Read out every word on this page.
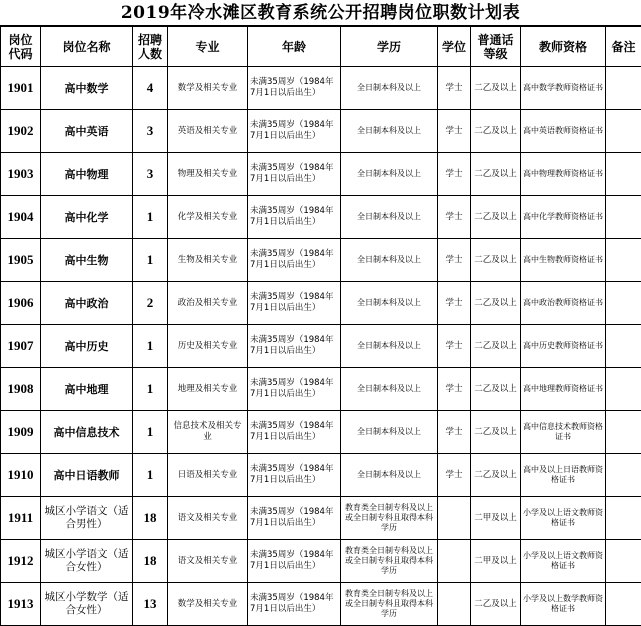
2019年冷水滩区教育系统公开招聘岗位职数计划表
岗位代码	岗位名称	招聘人数	专业	年龄	学历	学位	普通话等级	教师资格	备注
1901	高中数学	4	数学及相关专业	未满35周岁（1984年7月1日以后出生）	全日制本科及以上	学士	二乙及以上	高中数学教师资格证书	
1902	高中英语	3	英语及相关专业	未满35周岁（1984年7月1日以后出生）	全日制本科及以上	学士	二乙及以上	高中英语教师资格证书	
1903	高中物理	3	物理及相关专业	未满35周岁（1984年7月1日以后出生）	全日制本科及以上	学士	二乙及以上	高中物理教师资格证书	
1904	高中化学	1	化学及相关专业	未满35周岁（1984年7月1日以后出生）	全日制本科及以上	学士	二乙及以上	高中化学教师资格证书	
1905	高中生物	1	生物及相关专业	未满35周岁（1984年7月1日以后出生）	全日制本科及以上	学士	二乙及以上	高中生物教师资格证书	
1906	高中政治	2	政治及相关专业	未满35周岁（1984年7月1日以后出生）	全日制本科及以上	学士	二乙及以上	高中政治教师资格证书	
1907	高中历史	1	历史及相关专业	未满35周岁（1984年7月1日以后出生）	全日制本科及以上	学士	二乙及以上	高中历史教师资格证书	
1908	高中地理	1	地理及相关专业	未满35周岁（1984年7月1日以后出生）	全日制本科及以上	学士	二乙及以上	高中地理教师资格证书	
1909	高中信息技术	1	信息技术及相关专业	未满35周岁（1984年7月1日以后出生）	全日制本科及以上	学士	二乙及以上	高中信息技术教师资格证书	
1910	高中日语教师	1	日语及相关专业	未满35周岁（1984年7月1日以后出生）	全日制本科及以上	学士	二乙及以上	高中及以上日语教师资格证书	
1911	城区小学语文（适合男性）	18	语文及相关专业	未满35周岁（1984年7月1日以后出生）	教育类全日制专科及以上或全日制专科且取得本科学历		二甲及以上	小学及以上语文教师资格证书	
1912	城区小学语文（适合女性）	18	语文及相关专业	未满35周岁（1984年7月1日以后出生）	教育类全日制专科及以上或全日制专科且取得本科学历		二甲及以上	小学及以上语文教师资格证书	
1913	城区小学数学（适合女性）	13	数学及相关专业	未满35周岁（1984年7月1日以后出生）	教育类全日制专科及以上或全日制专科且取得本科学历		二乙及以上	小学及以上数学教师资格证书	
